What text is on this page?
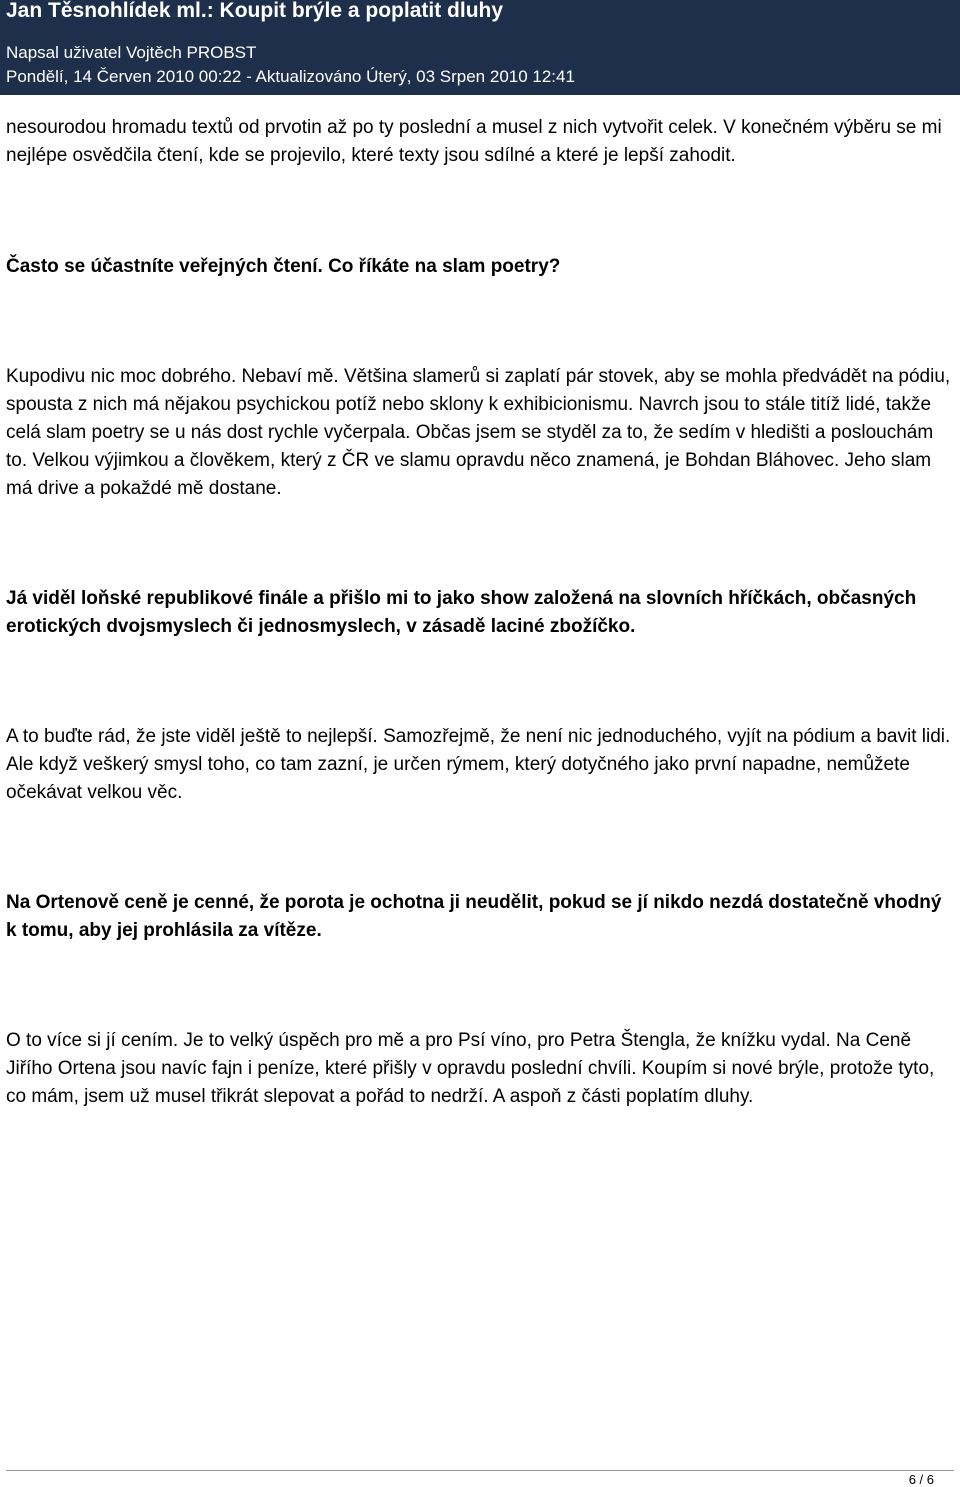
Jan Těsnohlídek ml.: Koupit brýle a poplatit dluhy
Napsal uživatel Vojtěch PROBST
Pondělí, 14 Červen 2010 00:22 - Aktualizováno Úterý, 03 Srpen 2010 12:41

nesourodou hromadu textů od prvotin až po ty poslední a musel z nich vytvořit celek. V konečném výběru se mi nejlépe osvědčila čtení, kde se projevilo, které texty jsou sdílné a které je lepší zahodit.

Často se účastníte veřejných čtení. Co říkáte na slam poetry?

Kupodivu nic moc dobrého. Nebaví mě. Většina slamerů si zaplatí pár stovek, aby se mohla předvádět na pódiu, spousta z nich má nějakou psychickou potíž nebo sklony k exhibicionismu. Navrch jsou to stále titíž lidé, takže celá slam poetry se u nás dost rychle vyčerpala. Občas jsem se styděl za to, že sedím v hledišti a poslouchám to. Velkou výjimkou a člověkem, který z ČR ve slamu opravdu něco znamená, je Bohdan Bláhovec. Jeho slam má drive a pokaždé mě dostane.

Já viděl loňské republikové finále a přišlo mi to jako show založená na slovních hříčkách, občasných erotických dvojsmyslech či jednosmyslech, v zásadě laciné zbožíčko.

A to buďte rád, že jste viděl ještě to nejlepší. Samozřejmě, že není nic jednoduchého, vyjít na pódium a bavit lidi. Ale když veškerý smysl toho, co tam zazní, je určen rýmem, který dotyčného jako první napadne, nemůžete očekávat velkou věc.

Na Ortenově ceně je cenné, že porota je ochotna ji neudělit, pokud se jí nikdo nezdá dostatečně vhodný k tomu, aby jej prohlásila za vítěze.

O to více si jí cením. Je to velký úspěch pro mě a pro Psí víno, pro Petra Štengla, že knížku vydal. Na Ceně Jiřího Ortena jsou navíc fajn i peníze, které přišly v opravdu poslední chvíli. Koupím si nové brýle, protože tyto, co mám, jsem už musel třikrát slepovat a pořád to nedrží. A aspoň z části poplatím dluhy.

6 / 6
